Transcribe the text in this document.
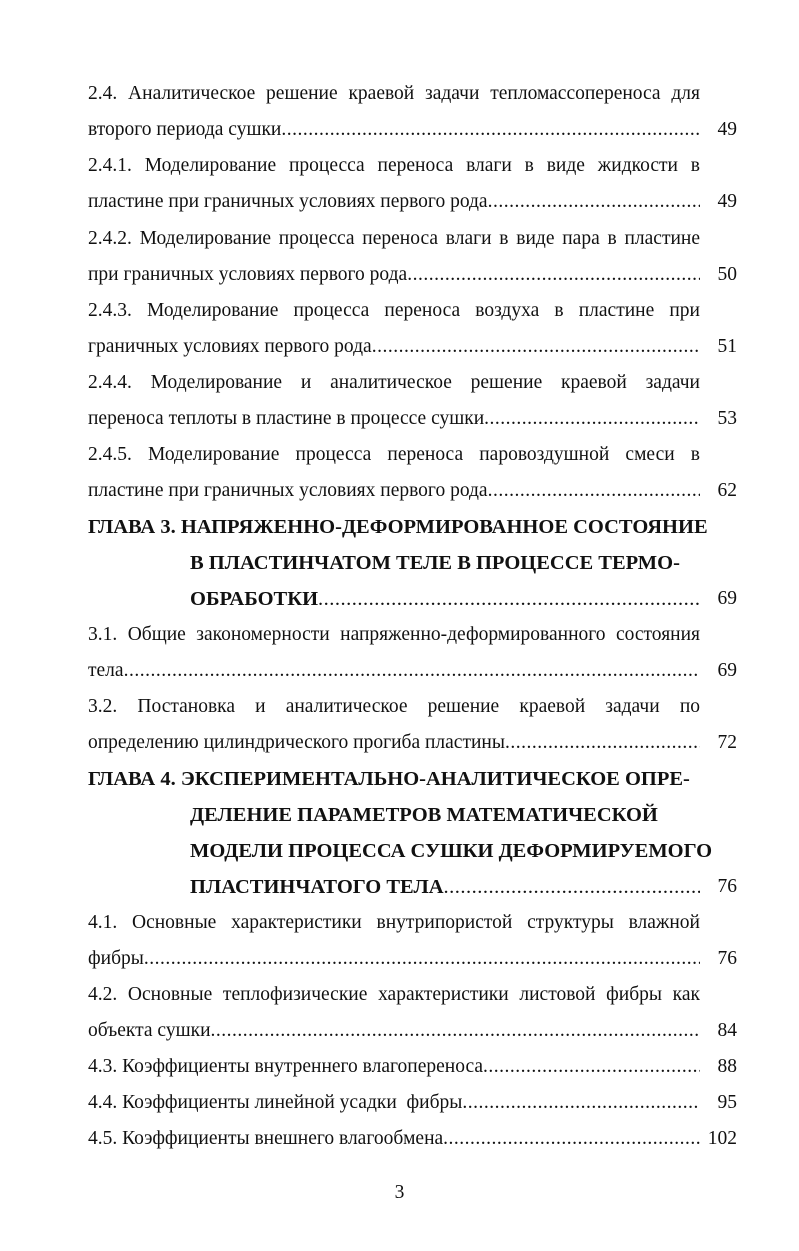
2.4. Аналитическое решение краевой задачи тепломассопереноса для
второго периода сушки .....	49
2.4.1. Моделирование процесса переноса влаги в виде жидкости в
пластине при граничных условиях первого рода .....	49
2.4.2. Моделирование процесса переноса влаги в виде пара в пластине
при граничных условиях первого рода .....	50
2.4.3. Моделирование процесса переноса воздуха в пластине при
граничных условиях первого рода .....	51
2.4.4. Моделирование и аналитическое решение краевой задачи
переноса теплоты в пластине в процессе сушки .....	53
2.4.5. Моделирование процесса переноса паровоздушной смеси в
пластине при граничных условиях первого рода .....	62
ГЛАВА 3. НАПРЯЖЕННО-ДЕФОРМИРОВАННОЕ СОСТОЯНИЕ
В ПЛАСТИНЧАТОМ ТЕЛЕ В ПРОЦЕССЕ ТЕРМО-
ОБРАБОТКИ .....	69
3.1. Общие закономерности напряженно-деформированного состояния
тела .....	69
3.2. Постановка и аналитическое решение краевой задачи по
определению цилиндрического прогиба пластины .....	72
ГЛАВА 4. ЭКСПЕРИМЕНТАЛЬНО-АНАЛИТИЧЕСКОЕ ОПРЕ-
ДЕЛЕНИЕ ПАРАМЕТРОВ МАТЕМАТИЧЕСКОЙ
МОДЕЛИ ПРОЦЕССА СУШКИ ДЕФОРМИРУЕМОГО
ПЛАСТИНЧАТОГО ТЕЛА .....	76
4.1. Основные характеристики внутрипористой структуры влажной
фибры .....	76
4.2. Основные теплофизические характеристики листовой фибры как
объекта сушки .....	84
4.3. Коэффициенты внутреннего влагопереноса .....	88
4.4. Коэффициенты линейной усадки  фибры .....	95
4.5. Коэффициенты внешнего влагообмена .....	102
3
